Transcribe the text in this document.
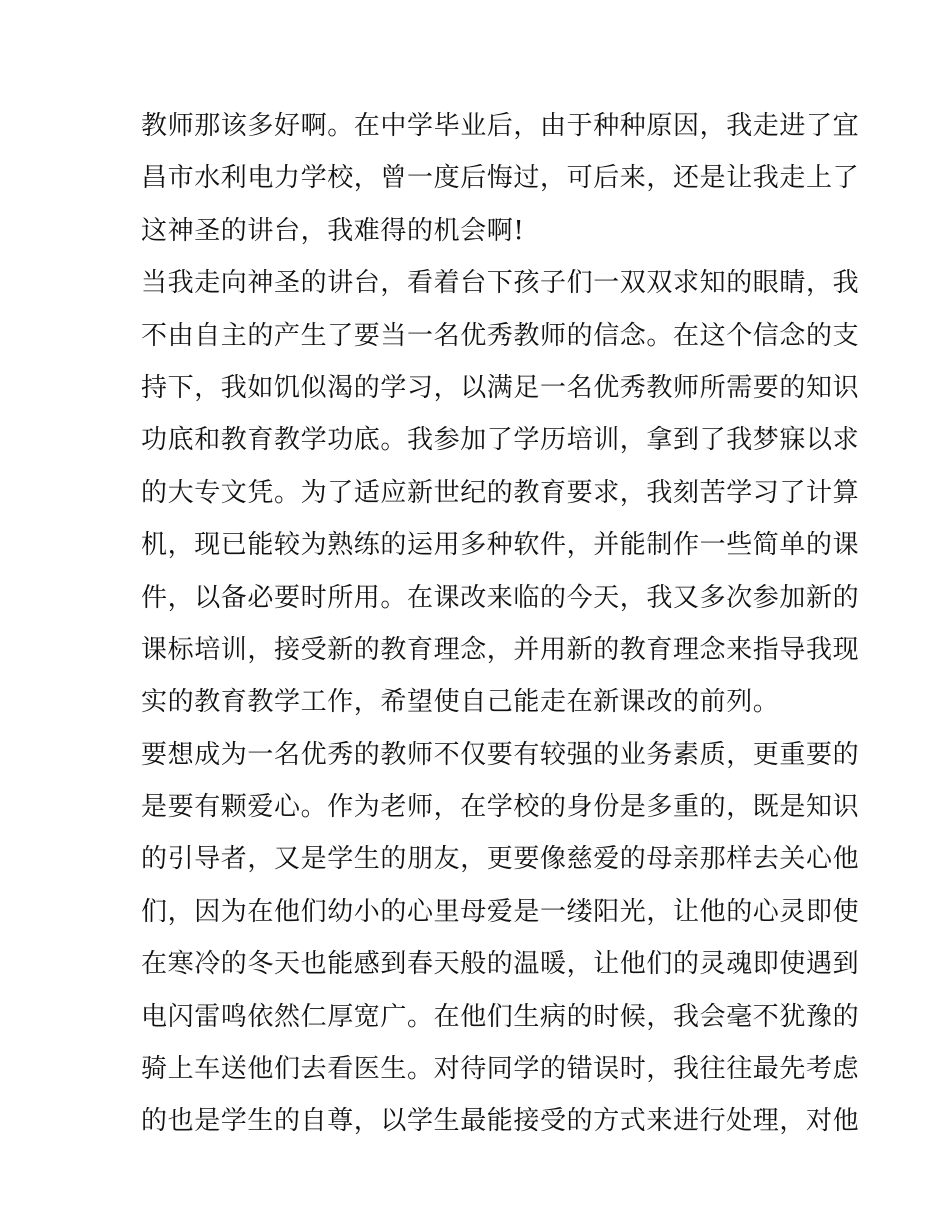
教师那该多好啊。在中学毕业后，由于种种原因，我走进了宜
昌市水利电力学校，曾一度后悔过，可后来，还是让我走上了
这神圣的讲台，我难得的机会啊!
当我走向神圣的讲台，看着台下孩子们一双双求知的眼睛，我
不由自主的产生了要当一名优秀教师的信念。在这个信念的支
持下，我如饥似渴的学习，以满足一名优秀教师所需要的知识
功底和教育教学功底。我参加了学历培训，拿到了我梦寐以求
的大专文凭。为了适应新世纪的教育要求，我刻苦学习了计算
机，现已能较为熟练的运用多种软件，并能制作一些简单的课
件，以备必要时所用。在课改来临的今天，我又多次参加新的
课标培训，接受新的教育理念，并用新的教育理念来指导我现
实的教育教学工作，希望使自己能走在新课改的前列。
要想成为一名优秀的教师不仅要有较强的业务素质，更重要的
是要有颗爱心。作为老师，在学校的身份是多重的，既是知识
的引导者，又是学生的朋友，更要像慈爱的母亲那样去关心他
们，因为在他们幼小的心里母爱是一缕阳光，让他的心灵即使
在寒冷的冬天也能感到春天般的温暖，让他们的灵魂即使遇到
电闪雷鸣依然仁厚宽广。在他们生病的时候，我会毫不犹豫的
骑上车送他们去看医生。对待同学的错误时，我往往最先考虑
的也是学生的自尊，以学生最能接受的方式来进行处理，对他
